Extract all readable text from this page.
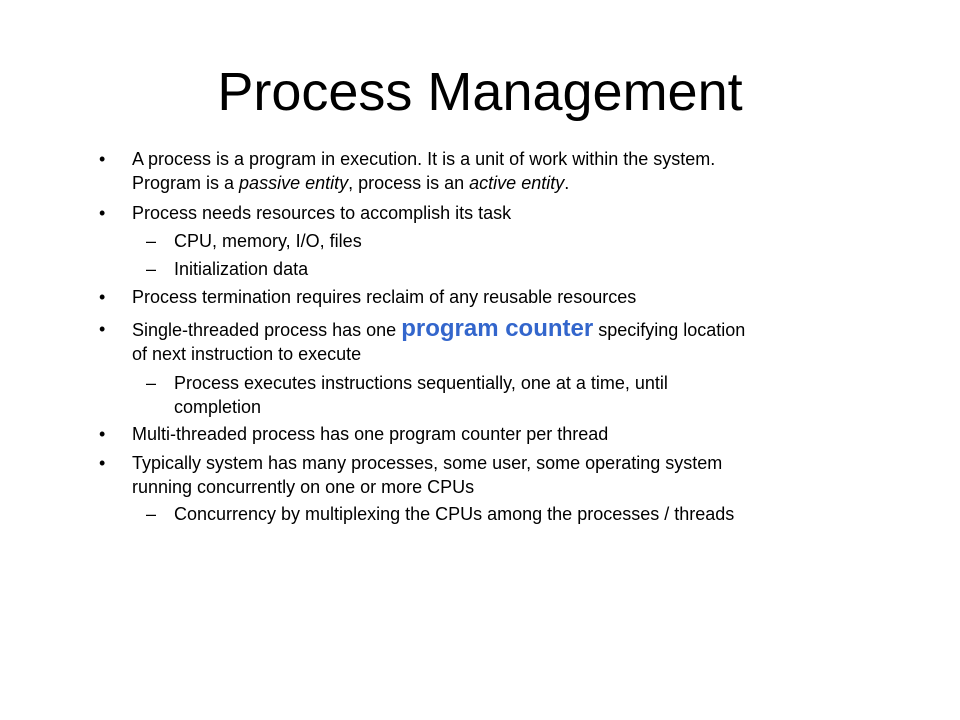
Process Management
• A process is a program in execution. It is a unit of work within the system.
Program is a passive entity, process is an active entity.
• Process needs resources to accomplish its task
– CPU, memory, I/O, files
– Initialization data
• Process termination requires reclaim of any reusable resources
• Single-threaded process has one program counter specifying location
of next instruction to execute
– Process executes instructions sequentially, one at a time, until
completion
• Multi-threaded process has one program counter per thread
• Typically system has many processes, some user, some operating system
running concurrently on one or more CPUs
– Concurrency by multiplexing the CPUs among the processes / threads
